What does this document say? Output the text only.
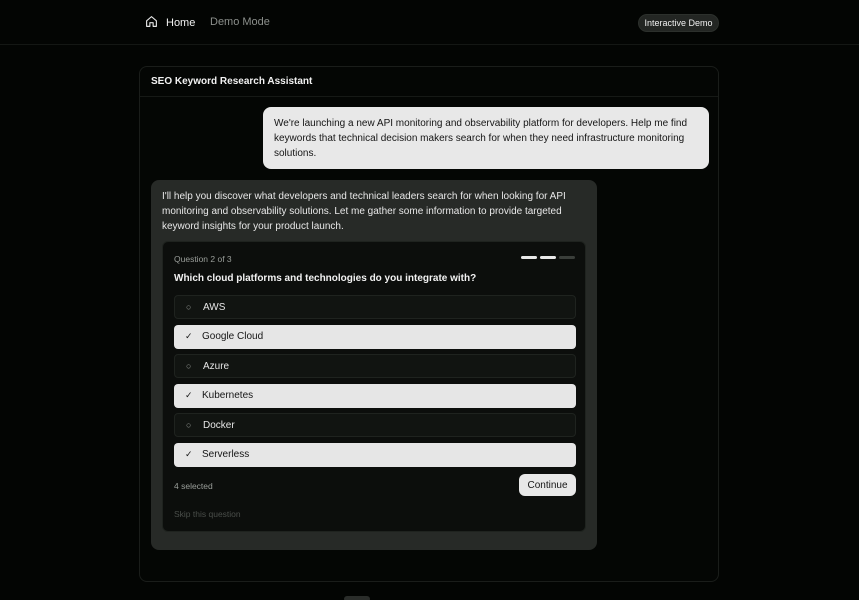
Home Demo Mode	Interactive Demo
SEO Keyword Research Assistant
We're launching a new API monitoring and observability platform for developers. Help me find keywords that technical decision makers search for when they need infrastructure monitoring solutions.
I'll help you discover what developers and technical leaders search for when looking for API monitoring and observability solutions. Let me gather some information to provide targeted keyword insights for your product launch.
Question 2 of 3
Which cloud platforms and technologies do you integrate with?
○	AWS
✓ Google Cloud
○	Azure
✓ Kubernetes
○	Docker
✓ Serverless
4 selected	Continue
Skip this question
